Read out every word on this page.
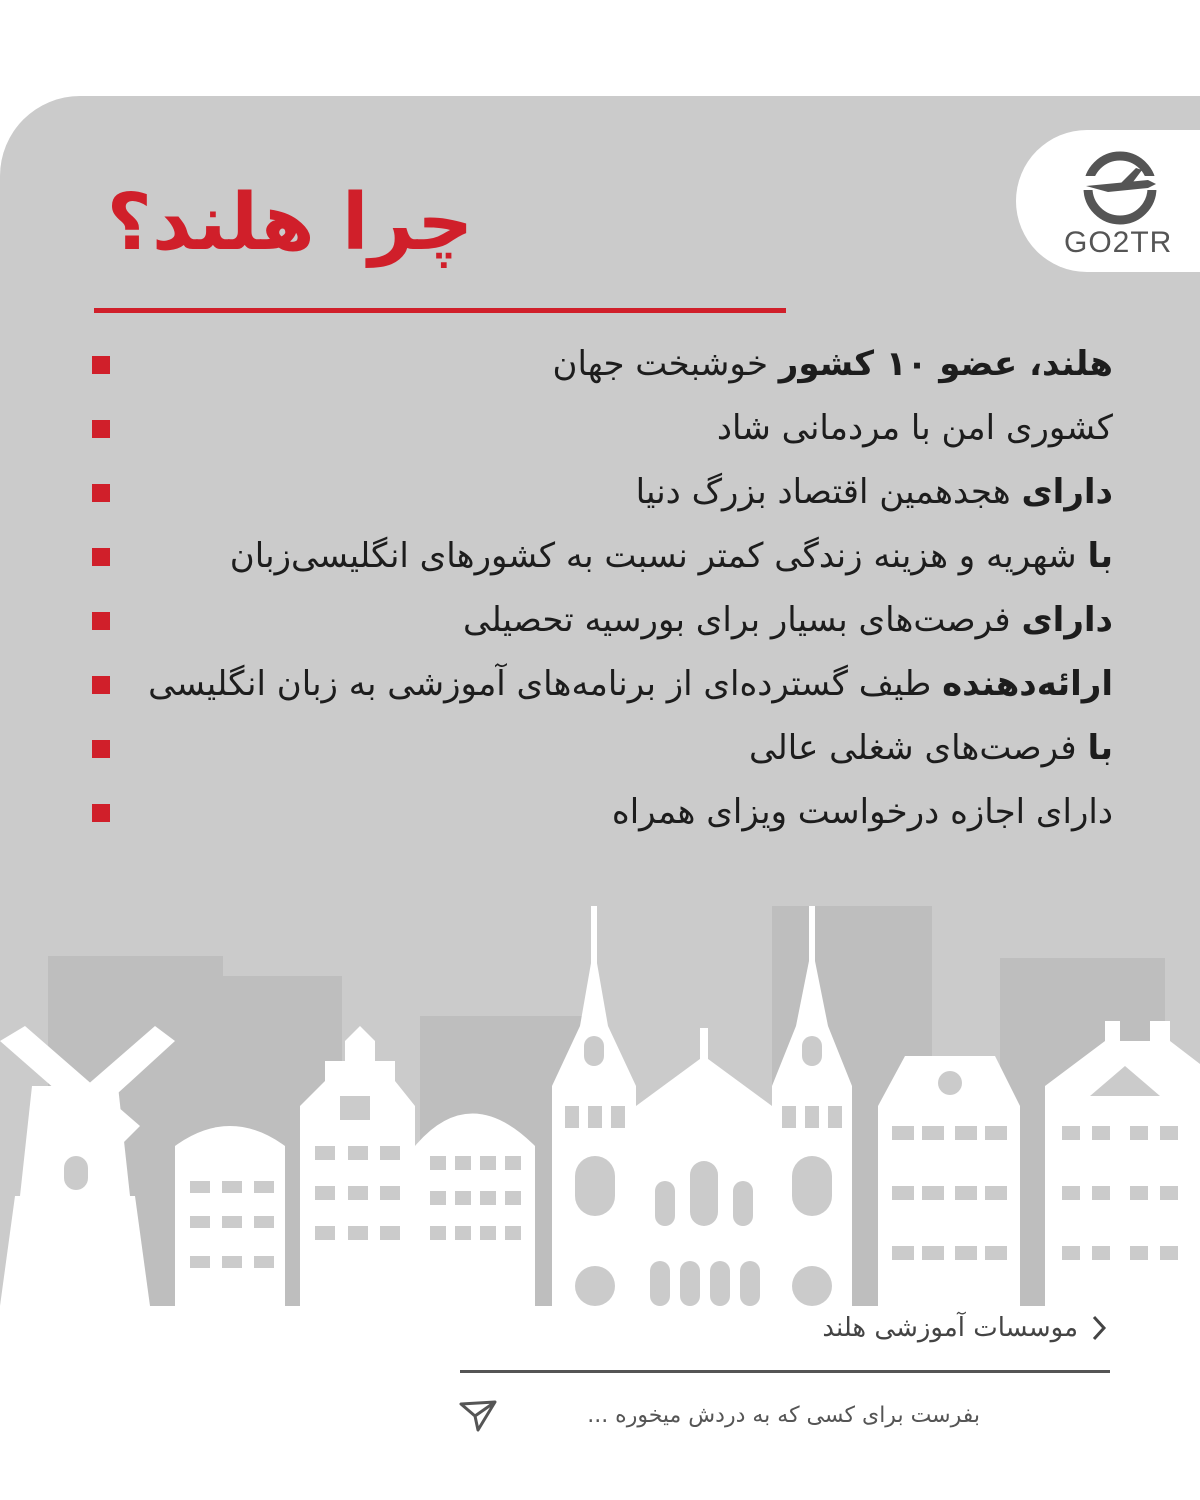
GO2TR
چرا هلند؟
هلند، عضو ۱۰ کشور خوشبخت جهان
کشوری امن با مردمانی شاد
دارای هجدهمین اقتصاد بزرگ دنیا
با شهریه و هزینه زندگی کمتر نسبت به کشورهای انگلیسی‌زبان
دارای فرصت‌های بسیار برای بورسیه تحصیلی
ارائه‌دهنده طیف گسترده‌ای از برنامه‌های آموزشی به زبان انگلیسی
با فرصت‌های شغلی عالی
دارای اجازه درخواست ویزای همراه
موسسات آموزشی هلند
بفرست برای کسی که به دردش میخوره ...
